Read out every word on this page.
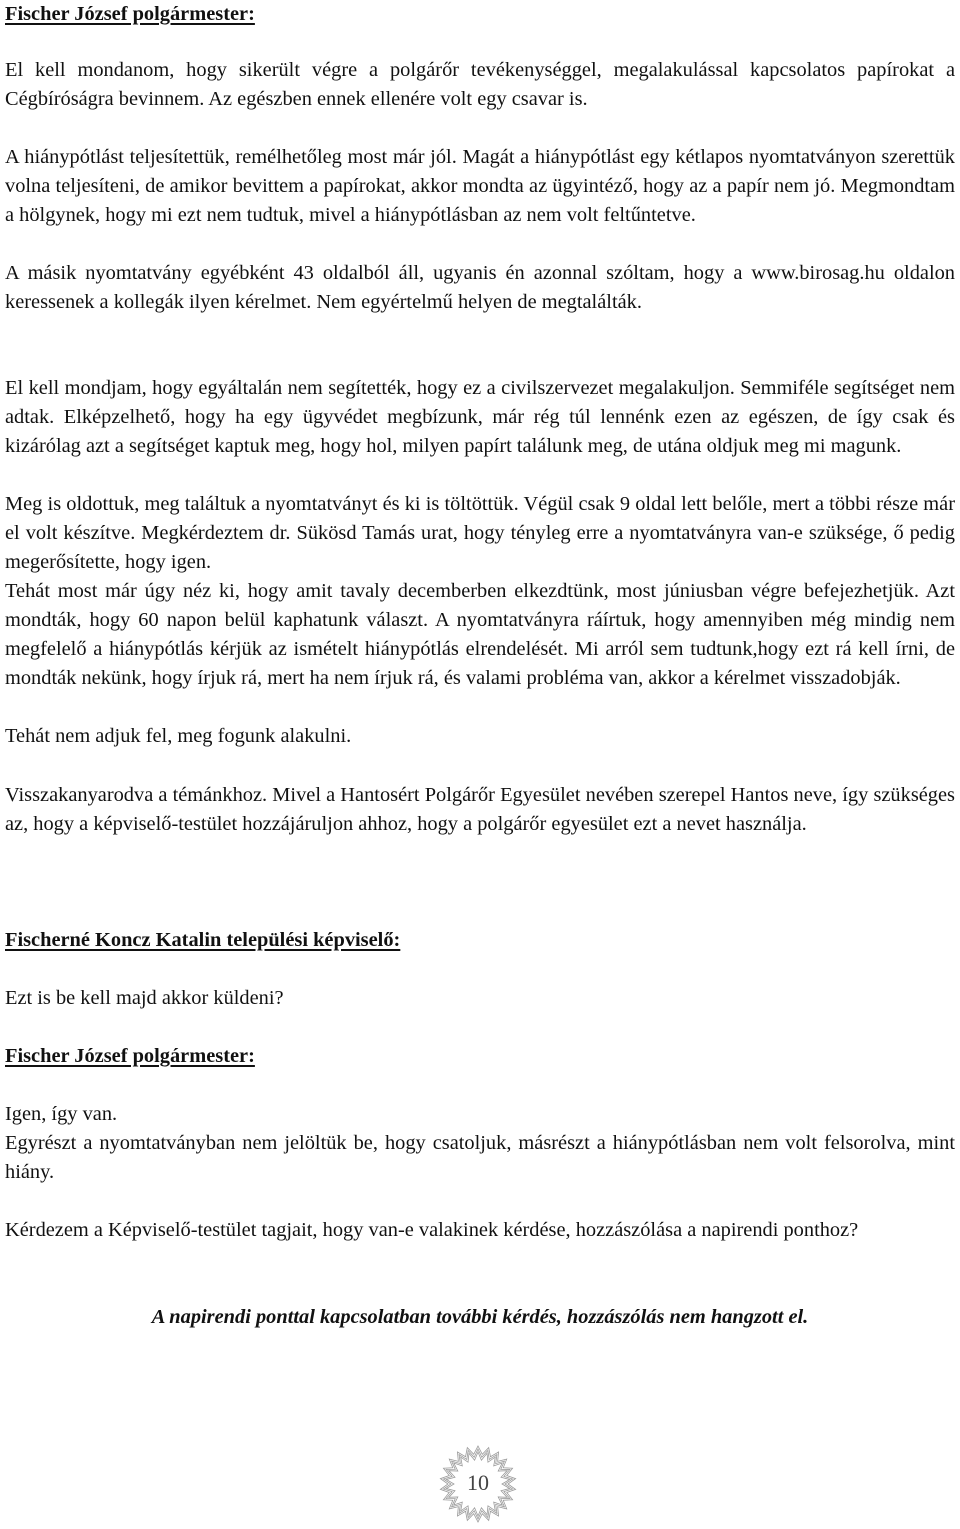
Fischer József polgármester:

El kell mondanom, hogy sikerült végre a polgárőr tevékenységgel, megalakulással kapcsolatos papírokat a Cégbíróságra bevinnem. Az egészben ennek ellenére volt egy csavar is.

A hiánypótlást teljesítettük, remélhetőleg most már jól. Magát a hiánypótlást egy kétlapos nyomtatványon szerettük volna teljesíteni, de amikor bevittem a papírokat, akkor mondta az ügyintéző, hogy az a papír nem jó. Megmondtam a hölgynek, hogy mi ezt nem tudtuk, mivel a hiánypótlásban az nem volt feltűntetve.

A másik nyomtatvány egyébként 43 oldalból áll, ugyanis én azonnal szóltam, hogy a www.birosag.hu oldalon keressenek a kollegák ilyen kérelmet. Nem egyértelmű helyen de megtalálták.

El kell mondjam, hogy egyáltalán nem segítették, hogy ez a civilszervezet megalakuljon. Semmiféle segítséget nem adtak. Elképzelhető, hogy ha egy ügyvédet megbízunk, már rég túl lennénk ezen az egészen, de így csak és kizárólag azt a segítséget kaptuk meg, hogy hol, milyen papírt találunk meg, de utána oldjuk meg mi magunk.

Meg is oldottuk, meg találtuk a nyomtatványt és ki is töltöttük. Végül csak 9 oldal lett belőle, mert a többi része már el volt készítve. Megkérdeztem dr. Sükösd Tamás urat, hogy tényleg erre a nyomtatványra van-e szüksége, ő pedig megerősítette, hogy igen.

Tehát most már úgy néz ki, hogy amit tavaly decemberben elkezdtünk, most júniusban végre befejezhetjük. Azt mondták, hogy 60 napon belül kaphatunk választ. A nyomtatványra ráírtuk, hogy amennyiben még mindig nem megfelelő a hiánypótlás kérjük az ismételt hiánypótlás elrendelését. Mi arról sem tudtunk,hogy ezt rá kell írni, de mondták nekünk, hogy írjuk rá, mert ha nem írjuk rá, és valami probléma van, akkor a kérelmet visszadobják.

Tehát nem adjuk fel, meg fogunk alakulni.

Visszakanyarodva a témánkhoz. Mivel a Hantosért Polgárőr Egyesület nevében szerepel Hantos neve, így szükséges az, hogy a képviselő-testület hozzájáruljon ahhoz, hogy a polgárőr egyesület ezt a nevet használja.

Fischerné Koncz Katalin települési képviselő:

Ezt is be kell majd akkor küldeni?

Fischer József polgármester:

Igen, így van.

Egyrészt a nyomtatványban nem jelöltük be, hogy csatoljuk, másrészt a hiánypótlásban nem volt felsorolva, mint hiány.

Kérdezem a Képviselő-testület tagjait, hogy van-e valakinek kérdése, hozzászólása a napirendi ponthoz?

A napirendi ponttal kapcsolatban további kérdés, hozzászólás nem hangzott el.

10
